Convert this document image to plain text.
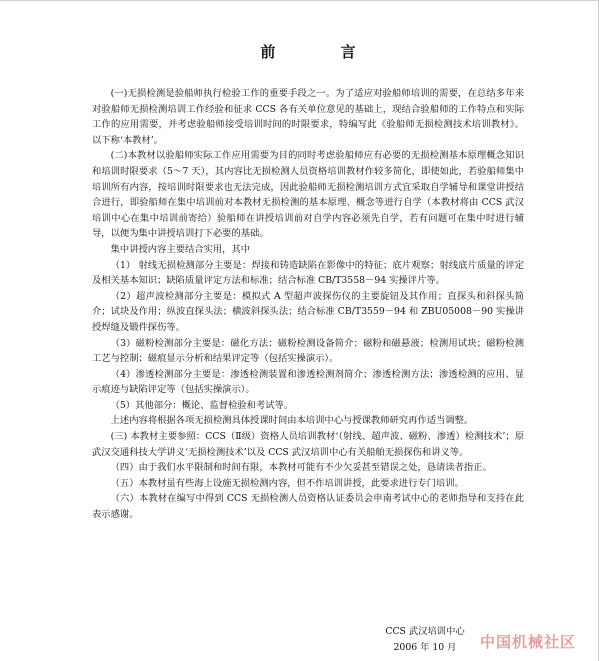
前 言

(一)无损检测是验船师执行检验工作的重要手段之一。为了适应对验船师培训的需要，在总结多年来对验船师无损检测培训工作经验和征求 CCS 各有关单位意见的基础上，现结合验船师的工作特点和实际工作的应用需要，并考虑验船师接受培训时间的时限要求，特编写此《验船师无损检测技术培训教材》。以下称‘本教材’。

(二)本教材以验船师实际工作应用需要为目的同时考虑验船师应有必要的无损检测基本原理概念知识和培训时限要求（5～7 天），其内容比无损检测人员资格培训教材作较多简化，即使如此，若验船师集中培训所有内容，按培训时限要求也无法完成，因此验船师无损检测培训方式宜采取自学辅导和课堂讲授结合进行，即验船师在集中培训前对本教材无损检测的基本原理、概念等进行自学（本教材将由 CCS 武汉培训中心在集中培训前寄给）验船师在讲授培训前对自学内容必须先自学，若有问题可在集中时进行辅导，以便为集中讲授培训打下必要的基础。

集中讲授内容主要结合实用，其中

（1） 射线无损检测部分主要是：焊接和铸造缺陷在影像中的特征；底片观察；射线底片质量的评定及相关基本知识；缺陷质量评定方法和标准；结合标准 CB/T3558－94 实操评片等。

（2）超声波检测部分主要是：模拟式 A 型超声波探伤仪的主要旋钮及其作用；直探头和斜探头简介；试块及作用；纵波直探头法；横波斜探头法；结合标准 CB/T3559－94 和 ZBU05008－90 实操讲授焊缝及锻件探伤等。

（3）磁粉检测部分主要是：磁化方法；磁粉检测设备简介；磁粉和磁悬液；检测用试块；磁粉检测工艺与控制；磁痕显示分析和结果评定等（包括实操演示）。

（4）渗透检测部分主要是：渗透检测装置和渗透检测剂简介；渗透检测方法；渗透检测的应用、显示痕迹与缺陷评定等（包括实操演示）。

（5）其他部分：概论、监督检验和考试等。

上述内容将根据各项无损检测具体授课时间由本培训中心与授课教师研究再作适当调整。

(三) 本教材主要参照：CCS（Ⅱ级）资格人员培训教材‘（射线、超声波、磁粉、渗透）检测技术’；原武汉交通科技大学讲义‘无损检测技术’以及 CCS 武汉培训中心有关船舶无损探伤和讲义等。

（四）由于我们水平限制和时间有限，本教材可能有不少欠妥甚至错误之处，恳请读者指正。

（五）本教材虽有些海上设施无损检测内容，但不作培训讲授，此要求进行专门培训。

（六）本教材在编写中得到 CCS 无损检测人员资格认证委员会申南考试中心的老师指导和支持在此表示感谢。

CCS 武汉培训中心
2006 年 10 月	中国机械社区
